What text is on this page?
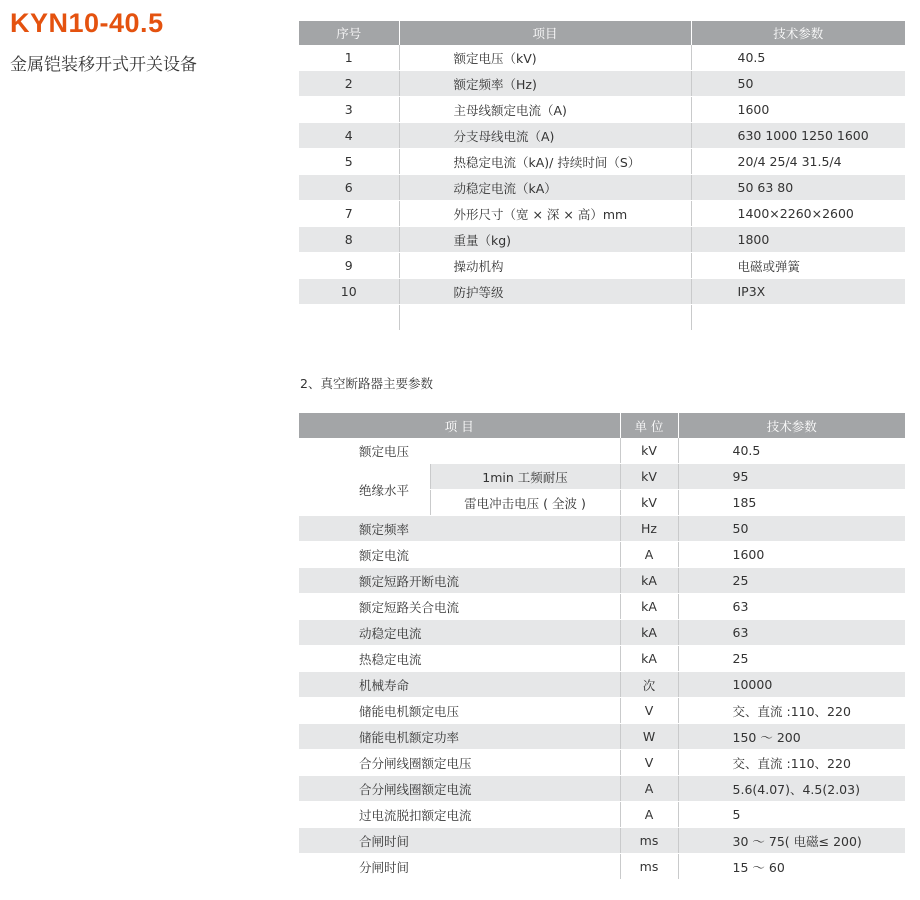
KYN10-40.5
金属铠装移开式开关设备
序号	项目	技术参数
1	额定电压（kV)	40.5
2	额定频率（Hz)	50
3	主母线额定电流（A)	1600
4	分支母线电流（A)	630 1000 1250 1600
5	热稳定电流（kA)/ 持续时间（S）	20/4 25/4 31.5/4
6	动稳定电流（kA）	50 63 80
7	外形尺寸（宽 × 深 × 高）mm	1400×2260×2600
8	重量（kg)	1800
9	操动机构	电磁或弹簧
10	防护等级	IP3X

2、真空断路器主要参数
项 目		单 位	技术参数
额定电压		kV	40.5
绝缘水平	1min 工频耐压	kV	95
	雷电冲击电压 ( 全波 )	kV	185
额定频率		Hz	50
额定电流		A	1600
额定短路开断电流		kA	25
额定短路关合电流		kA	63
动稳定电流		kA	63
热稳定电流		kA	25
机械寿命		次	10000
储能电机额定电压		V	交、直流 :110、220
储能电机额定功率		W	150 ～ 200
合分闸线圈额定电压		V	交、直流 :110、220
合分闸线圈额定电流		A	5.6(4.07)、4.5(2.03)
过电流脱扣额定电流		A	5
合闸时间		ms	30 ～ 75( 电磁≤ 200)
分闸时间		ms	15 ～ 60
